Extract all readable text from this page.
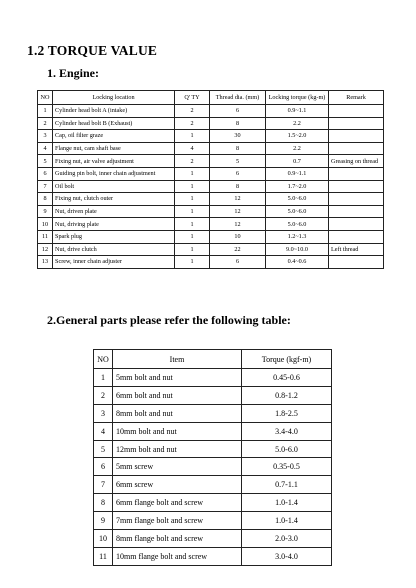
1.2 TORQUE VALUE
1. Engine:
NO	Locking location	Q' TY	Thread dia. (mm)	Locking torque (kg-m)	Remark
1	Cylinder head bolt A (intake)	2	6	0.9~1.1	
2	Cylinder head bolt B (Exhaust)	2	8	2.2	
3	Cap, oil filter graze	1	30	1.5~2.0	
4	Flange nut, cam shaft base	4	8	2.2	
5	Fixing nut, air valve adjustment	2	5	0.7	Greasing on thread
6	Guiding pin bolt, inner chain adjustment	1	6	0.9~1.1	
7	Oil bolt	1	8	1.7~2.0	
8	Fixing nut, clutch outer	1	12	5.0~6.0	
9	Nut, driven plate	1	12	5.0~6.0	
10	Nut, driving plate	1	12	5.0~6.0	
11	Spark plug	1	10	1.2~1.3	
12	Nut, drive clutch	1	22	9.0~10.0	Left thread
13	Screw, inner chain adjuster	1	6	0.4~0.6	
2.General parts please refer the following table:
NO	Item	Torque (kgf-m)
1	5mm bolt and nut	0.45-0.6
2	6mm bolt and nut	0.8-1.2
3	8mm bolt and nut	1.8-2.5
4	10mm bolt and nut	3.4-4.0
5	12mm bolt and nut	5.0-6.0
6	5mm screw	0.35-0.5
7	6mm screw	0.7-1.1
8	6mm flange bolt and screw	1.0-1.4
9	7mm flange bolt and screw	1.0-1.4
10	8mm flange bolt and screw	2.0-3.0
11	10mm flange bolt and screw	3.0-4.0
